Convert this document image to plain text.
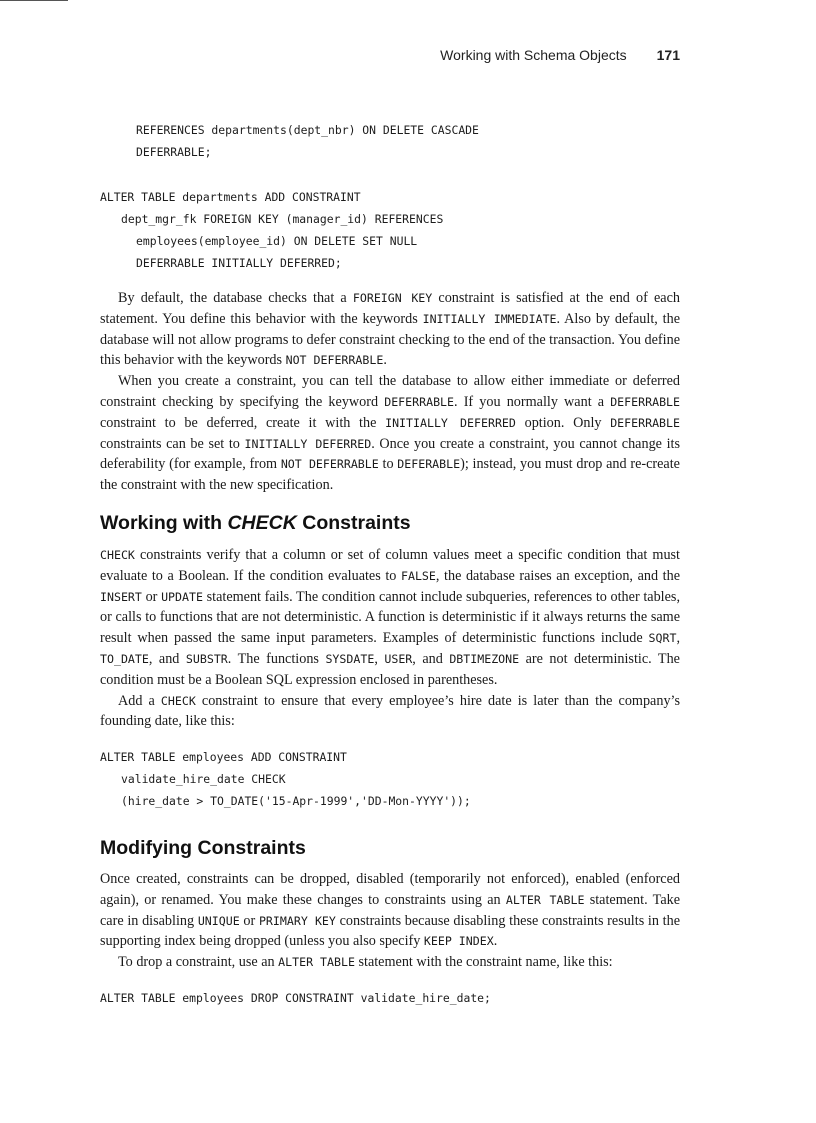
Working with Schema Objects 171
REFERENCES departments(dept_nbr) ON DELETE CASCADE
DEFERRABLE;
ALTER TABLE departments ADD CONSTRAINT
dept_mgr_fk FOREIGN KEY (manager_id) REFERENCES
employees(employee_id) ON DELETE SET NULL
DEFERRABLE INITIALLY DEFERRED;

By default, the database checks that a FOREIGN KEY constraint is satisfied at the end of each statement. You define this behavior with the keywords INITIALLY IMMEDIATE. Also by default, the database will not allow programs to defer constraint checking to the end of the transaction. You define this behavior with the keywords NOT DEFERRABLE.

When you create a constraint, you can tell the database to allow either immediate or deferred constraint checking by specifying the keyword DEFERRABLE. If you normally want a DEFERRABLE constraint to be deferred, create it with the INITIALLY DEFERRED option. Only DEFERRABLE constraints can be set to INITIALLY DEFERRED. Once you create a constraint, you cannot change its deferability (for example, from NOT DEFERRABLE to DEFERABLE); instead, you must drop and re-create the constraint with the new specification.

Working with CHECK Constraints

CHECK constraints verify that a column or set of column values meet a specific condition that must evaluate to a Boolean. If the condition evaluates to FALSE, the database raises an exception, and the INSERT or UPDATE statement fails. The condition cannot include subqueries, references to other tables, or calls to functions that are not deterministic. A function is deterministic if it always returns the same result when passed the same input parameters. Examples of deterministic functions include SQRT, TO_DATE, and SUBSTR. The functions SYSDATE, USER, and DBTIMEZONE are not deterministic. The condition must be a Boolean SQL expression enclosed in parentheses.

Add a CHECK constraint to ensure that every employee’s hire date is later than the company’s founding date, like this:

ALTER TABLE employees ADD CONSTRAINT
validate_hire_date CHECK
(hire_date > TO_DATE('15-Apr-1999','DD-Mon-YYYY'));
Modifying Constraints

Once created, constraints can be dropped, disabled (temporarily not enforced), enabled (enforced again), or renamed. You make these changes to constraints using an ALTER TABLE statement. Take care in disabling UNIQUE or PRIMARY KEY constraints because disabling these constraints results in the supporting index being dropped (unless you also specify KEEP INDEX.

To drop a constraint, use an ALTER TABLE statement with the constraint name, like this:

ALTER TABLE employees DROP CONSTRAINT validate_hire_date;
